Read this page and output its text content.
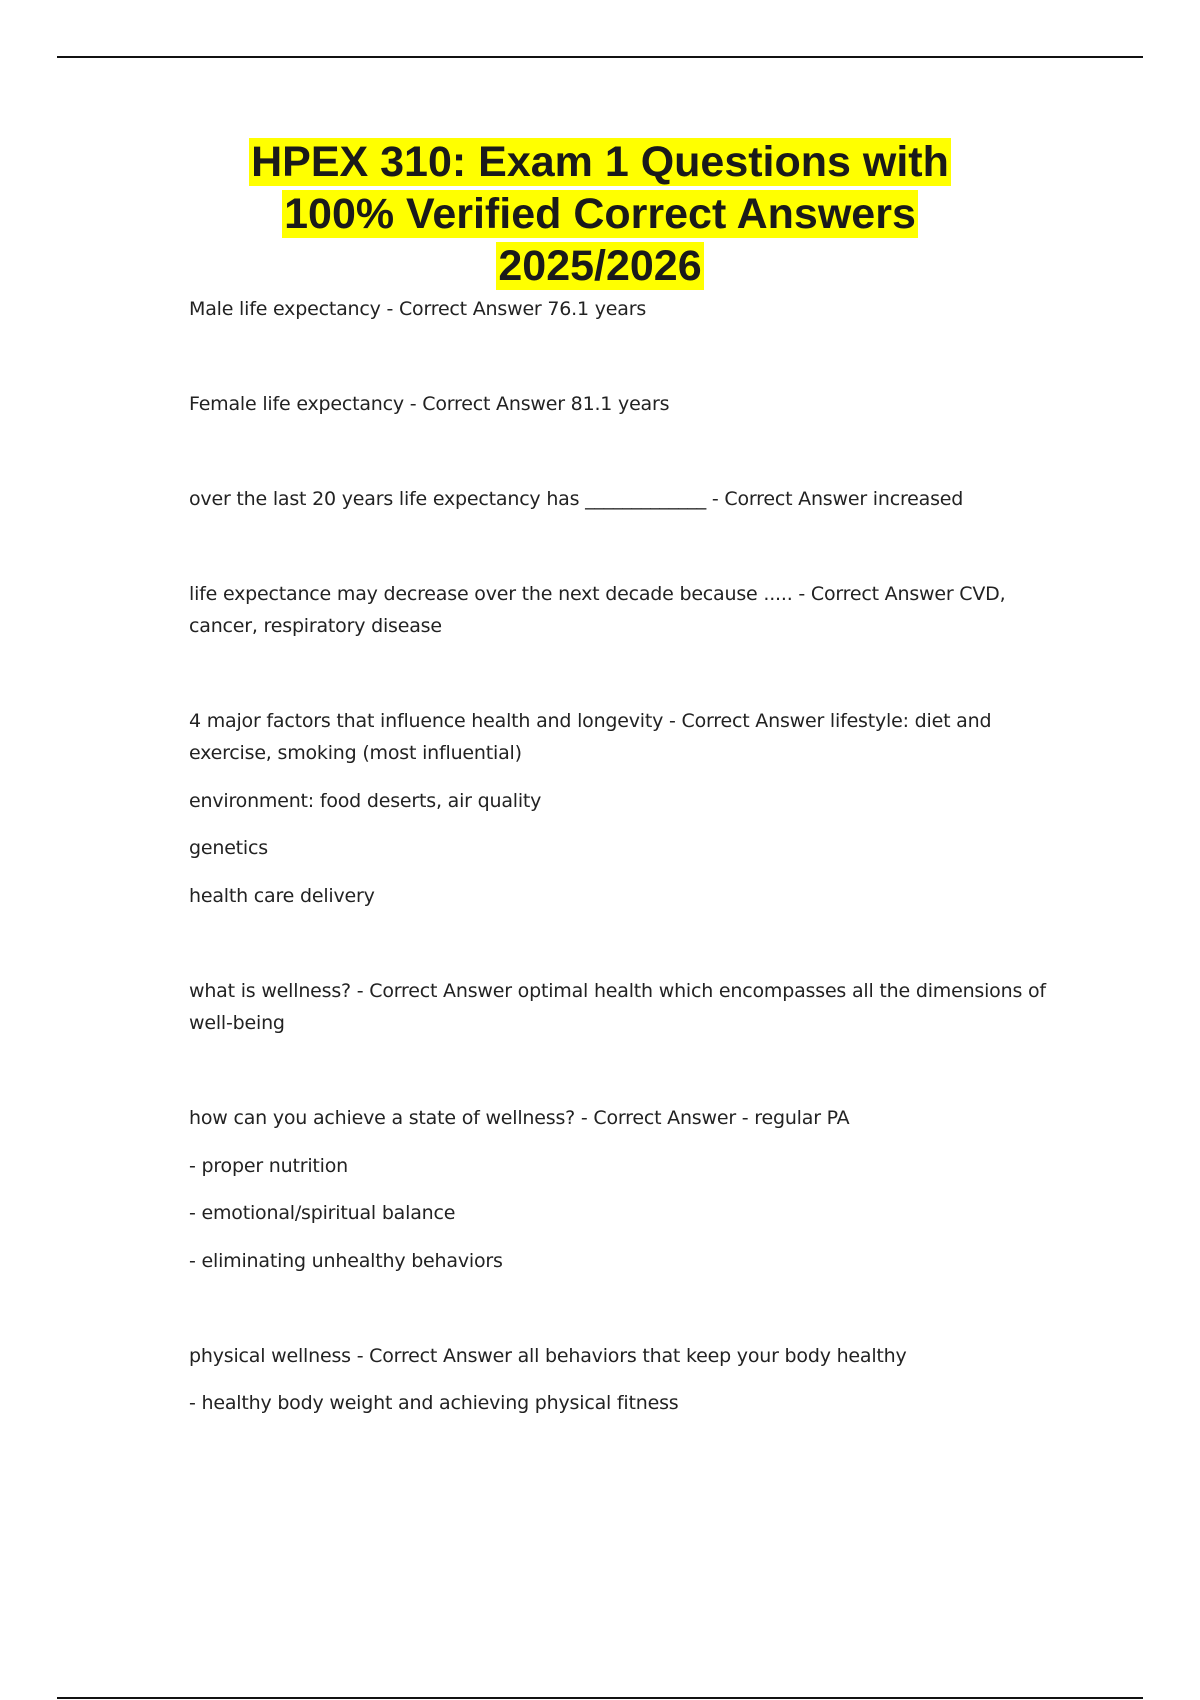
HPEX 310: Exam 1 Questions with
100% Verified Correct Answers
2025/2026
Male life expectancy - Correct Answer 76.1 years
Female life expectancy - Correct Answer 81.1 years
over the last 20 years life expectancy has _____________ - Correct Answer increased
life expectance may decrease over the next decade because ..... - Correct Answer CVD,
cancer, respiratory disease
4 major factors that influence health and longevity - Correct Answer lifestyle: diet and
exercise, smoking (most influential)
environment: food deserts, air quality
genetics
health care delivery
what is wellness? - Correct Answer optimal health which encompasses all the dimensions of
well-being
how can you achieve a state of wellness? - Correct Answer - regular PA
- proper nutrition
- emotional/spiritual balance
- eliminating unhealthy behaviors
physical wellness - Correct Answer all behaviors that keep your body healthy
- healthy body weight and achieving physical fitness
